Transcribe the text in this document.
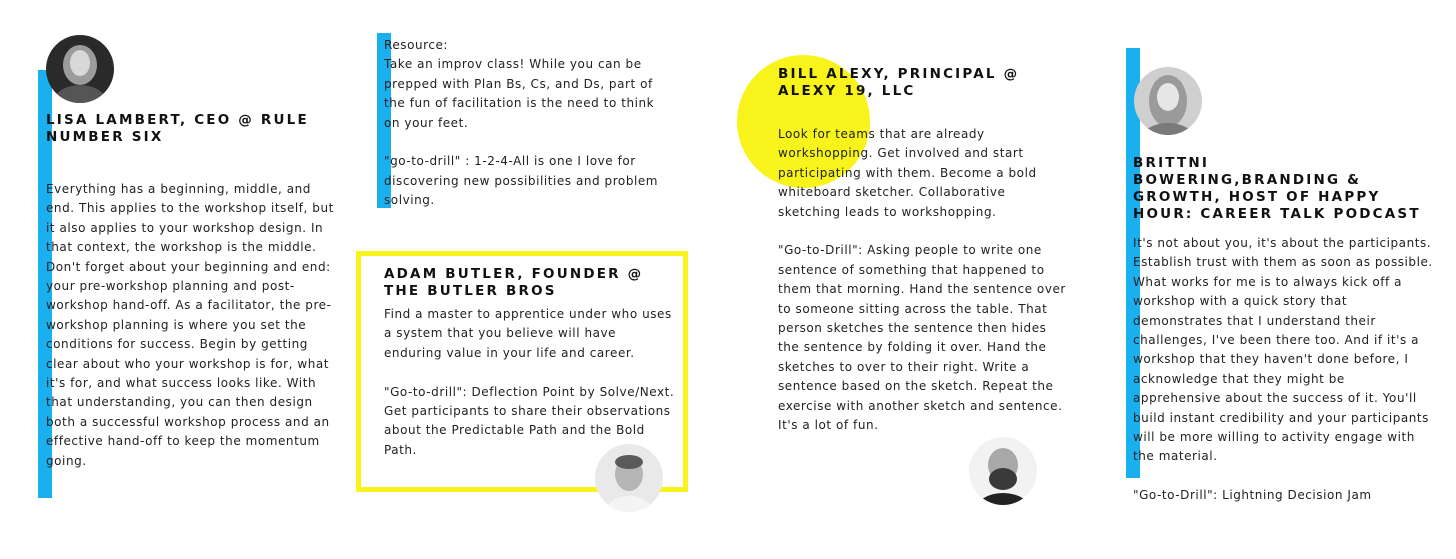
LISA LAMBERT, CEO @ RULE NUMBER SIX

Everything has a beginning, middle, and end. This applies to the workshop itself, but it also applies to your workshop design. In that context, the workshop is the middle. Don't forget about your beginning and end: your pre-workshop planning and post-workshop hand-off. As a facilitator, the pre-workshop planning is where you set the conditions for success. Begin by getting clear about who your workshop is for, what it's for, and what success looks like. With that understanding, you can then design both a successful workshop process and an effective hand-off to keep the momentum going.

Resource:

Take an improv class! While you can be prepped with Plan Bs, Cs, and Ds, part of the fun of facilitation is the need to think on your feet.

"go-to-drill" : 1-2-4-All is one I love for discovering new possibilities and problem solving.

ADAM BUTLER, FOUNDER @ THE BUTLER BROS

Find a master to apprentice under who uses a system that you believe will have enduring value in your life and career.

"Go-to-drill": Deflection Point by Solve/Next. Get participants to share their observations about the Predictable Path and the Bold Path.

BILL ALEXY, PRINCIPAL @ ALEXY 19, LLC

Look for teams that are already workshopping. Get involved and start participating with them. Become a bold whiteboard sketcher. Collaborative sketching leads to workshopping.

"Go-to-Drill": Asking people to write one sentence of something that happened to them that morning. Hand the sentence over to someone sitting across the table. That person sketches the sentence then hides the sentence by folding it over. Hand the sketches to over to their right. Write a sentence based on the sketch. Repeat the exercise with another sketch and sentence. It's a lot of fun.

BRITTNI BOWERING,BRANDING & GROWTH, HOST OF HAPPY HOUR: CAREER TALK PODCAST

It's not about you, it's about the participants. Establish trust with them as soon as possible. What works for me is to always kick off a workshop with a quick story that demonstrates that I understand their challenges, I've been there too. And if it's a workshop that they haven't done before, I acknowledge that they might be apprehensive about the success of it. You'll build instant credibility and your participants will be more willing to activity engage with the material.

"Go-to-Drill": Lightning Decision Jam
